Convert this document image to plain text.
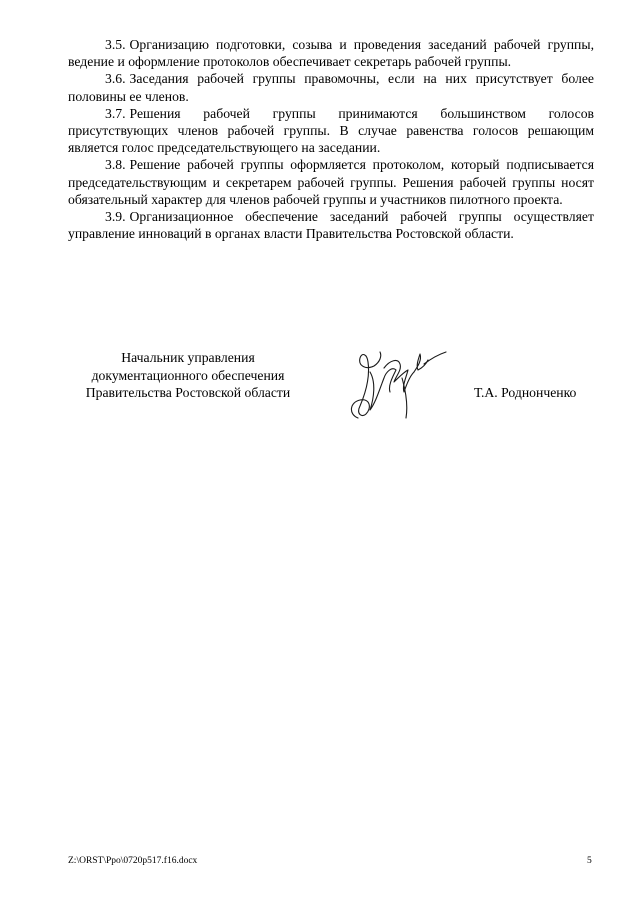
3.5. Организацию подготовки, созыва и проведения заседаний рабочей группы, ведение и оформление протоколов обеспечивает секретарь рабочей группы.

3.6. Заседания рабочей группы правомочны, если на них присутствует более половины ее членов.

3.7. Решения рабочей группы принимаются большинством голосов присутствующих членов рабочей группы. В случае равенства голосов решающим является голос председательствующего на заседании.

3.8. Решение рабочей группы оформляется протоколом, который подписывается председательствующим и секретарем рабочей группы. Решения рабочей группы носят обязательный характер для членов рабочей группы и участников пилотного проекта.

3.9. Организационное обеспечение заседаний рабочей группы осуществляет управление инноваций в органах власти Правительства Ростовской области.

Начальник управления
документационного обеспечения
Правительства Ростовской области	Т.А. Роднонченко
Z:\ORST\Ppo\0720p517.f16.docx	5
